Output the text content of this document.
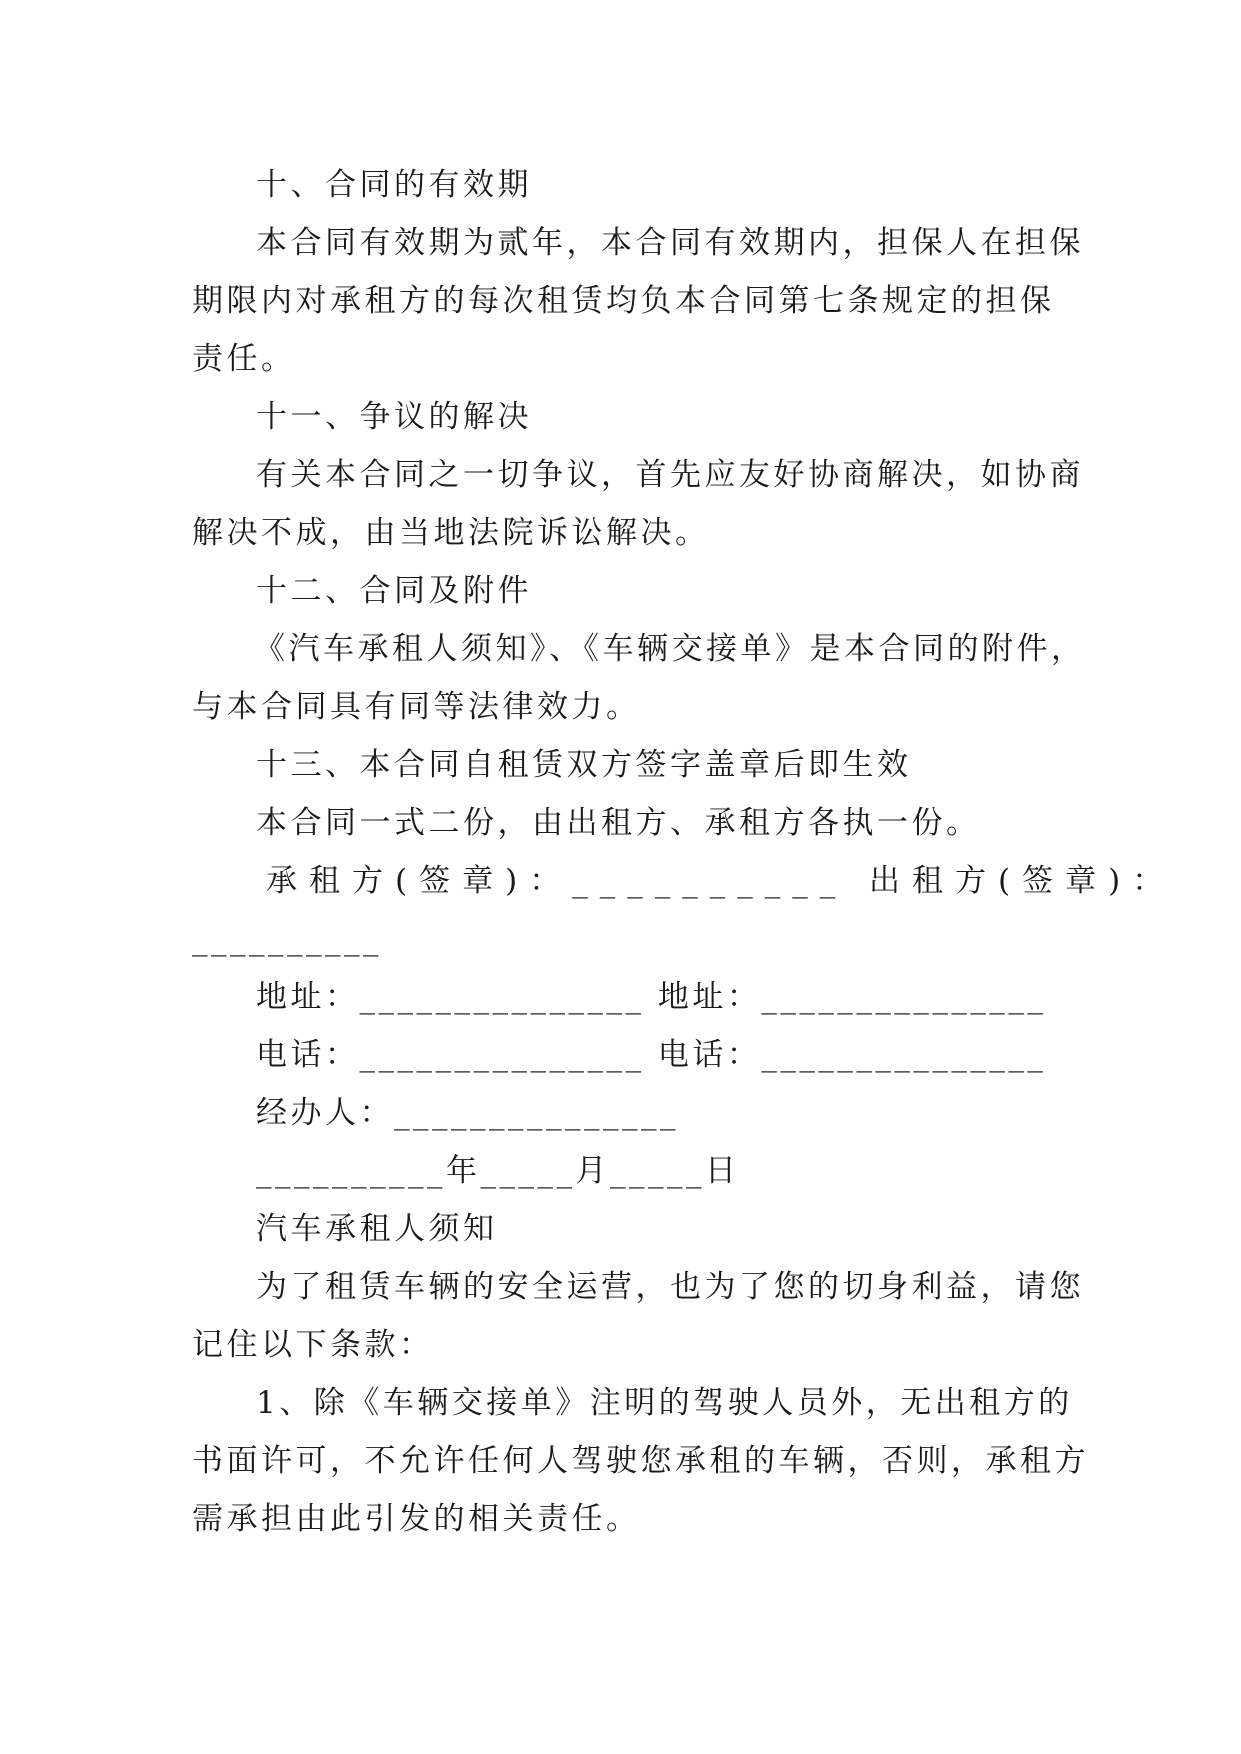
十、合同的有效期
本合同有效期为贰年，本合同有效期内，担保人在担保
期限内对承租方的每次租赁均负本合同第七条规定的担保
责任。
十一、争议的解决
有关本合同之一切争议，首先应友好协商解决，如协商
解决不成，由当地法院诉讼解决。
十二、合同及附件
《汽车承租人须知》、《车辆交接单》是本合同的附件，
与本合同具有同等法律效力。
十三、本合同自租赁双方签字盖章后即生效
本合同一式二份，由出租方、承租方各执一份。
承租方(签章)：__________ 出租方(签章)：
__________
地址：_______________ 地址：_______________
电话：_______________ 电话：_______________
经办人：_______________
__________年_____月_____日
汽车承租人须知
为了租赁车辆的安全运营，也为了您的切身利益，请您
记住以下条款：
1、除《车辆交接单》注明的驾驶人员外，无出租方的
书面许可，不允许任何人驾驶您承租的车辆，否则，承租方
需承担由此引发的相关责任。
